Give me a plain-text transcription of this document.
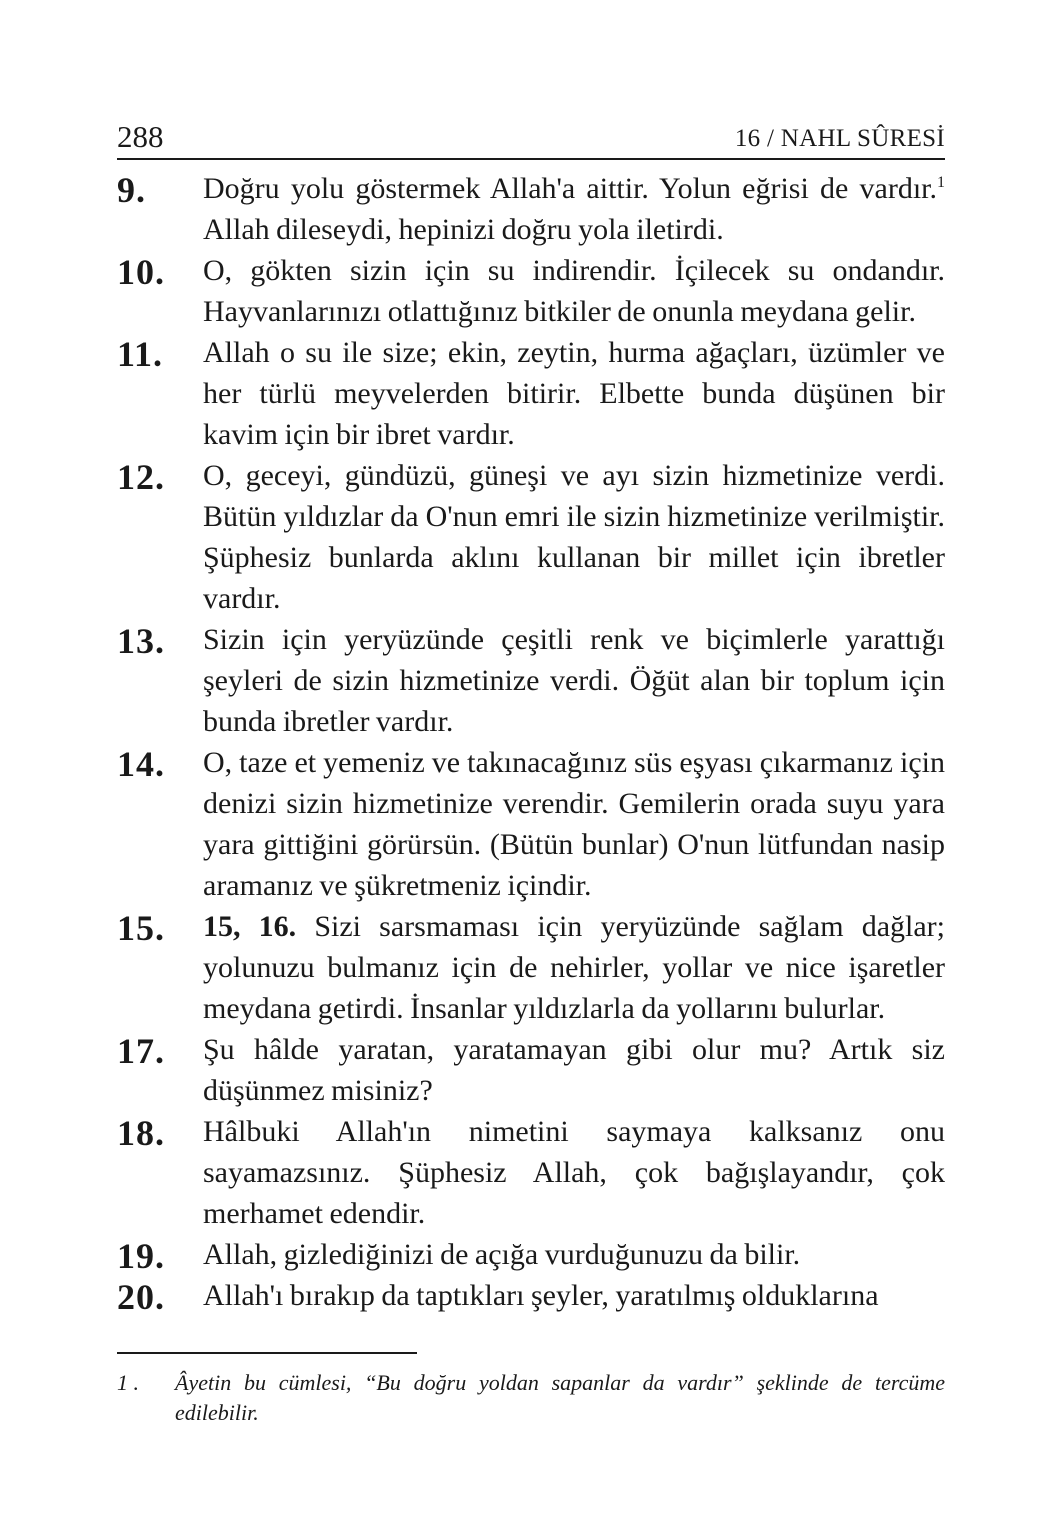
288	16 / NAHL SÛRESİ

9. Doğru yolu göstermek Allah'a aittir. Yolun eğrisi de vardır.$^1$ Allah dileseydi, hepinizi doğru yola iletirdi.

10. O, gökten sizin için su indirendir. İçilecek su ondandır. Hayvanlarınızı otlattığınız bitkiler de onunla meydana gelir.

11. Allah o su ile size; ekin, zeytin, hurma ağaçları, üzümler ve her türlü meyvelerden bitirir. Elbette bunda düşünen bir kavim için bir ibret vardır.

12. O, geceyi, gündüzü, güneşi ve ayı sizin hizmetinize verdi. Bütün yıldızlar da O'nun emri ile sizin hizmetinize verilmiştir. Şüphesiz bunlarda aklını kullanan bir millet için ibretler vardır.

13. Sizin için yeryüzünde çeşitli renk ve biçimlerle yarattığı şeyleri de sizin hizmetinize verdi. Öğüt alan bir toplum için bunda ibretler vardır.

14. O, taze et yemeniz ve takınacağınız süs eşyası çıkarmanız için denizi sizin hizmetinize verendir. Gemilerin orada suyu yara yara gittiğini görürsün. (Bütün bunlar) O'nun lütfundan nasip aramanız ve şükretmeniz içindir.

15. 15, 16. Sizi sarsmaması için yeryüzünde sağlam dağlar; yolunuzu bulmanız için de nehirler, yollar ve nice işaretler meydana getirdi. İnsanlar yıldızlarla da yollarını bulurlar.

17. Şu hâlde yaratan, yaratamayan gibi olur mu? Artık siz düşünmez misiniz?

18. Hâlbuki Allah'ın nimetini saymaya kalksanız onu sayamazsınız. Şüphesiz Allah, çok bağışlayandır, çok merhamet edendir.

19. Allah, gizlediğinizi de açığa vurduğunuzu da bilir.

20. Allah'ı bırakıp da taptıkları şeyler, yaratılmış olduklarına

1 . Âyetin bu cümlesi, “Bu doğru yoldan sapanlar da vardır” şeklinde de tercüme edilebilir.
